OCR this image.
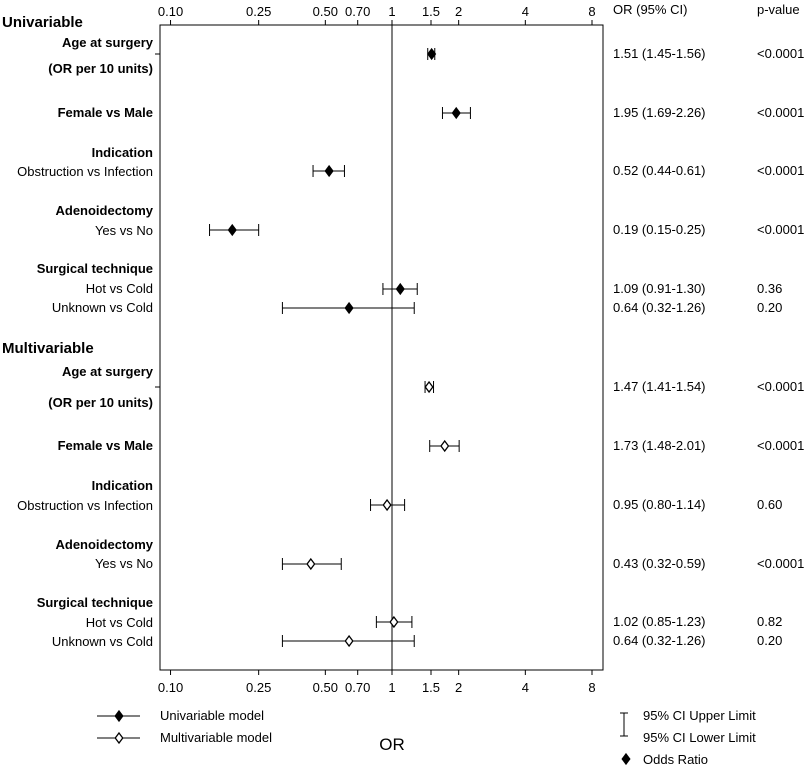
0.10	0.25	0.50 0.70 1 1.5 2	4	8
0.10	0.25	0.50 0.70 1 1.5 2	4	8
Univariable
Age at surgery
(OR per 10 units)
1.51 (1.45-1.56)	<0.0001
Female vs Male	1.95 (1.69-2.26)	<0.0001
Indication
Obstruction vs Infection	0.52 (0.44-0.61)	<0.0001
Adenoidectomy
Yes vs No	0.19 (0.15-0.25)	<0.0001
Surgical technique
Hot vs Cold	1.09 (0.91-1.30)	0.36
Unknown vs Cold	0.64 (0.32-1.26)	0.20
Multivariable
Age at surgery
(OR per 10 units)
1.47 (1.41-1.54)	<0.0001
Female vs Male	1.73 (1.48-2.01)	<0.0001
Indication
Obstruction vs Infection	0.95 (0.80-1.14)	0.60
Adenoidectomy
Yes vs No	0.43 (0.32-0.59)	<0.0001
Surgical technique
Hot vs Cold	1.02 (0.85-1.23)	0.82
Unknown vs Cold	0.64 (0.32-1.26)	0.20
Univariable model
Multivariable model
95% CI Upper Limit
95% CI Lower Limit
Odds Ratio
OR (95% CI)	p-value
OR
